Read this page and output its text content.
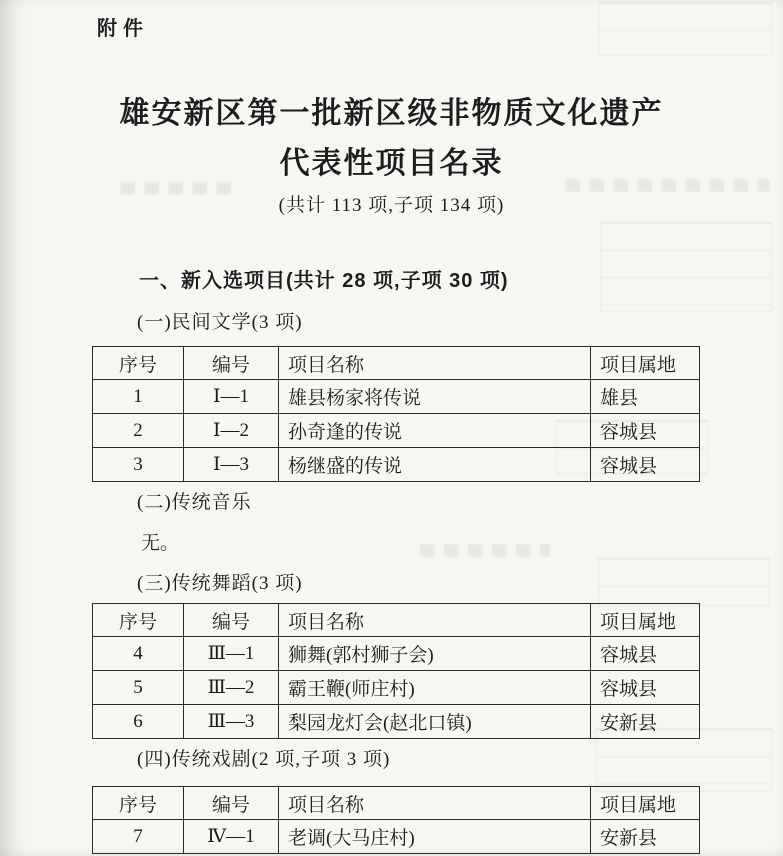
附件
雄安新区第一批新区级非物质文化遗产
代表性项目名录
(共计 113 项,子项 134 项)
一、新入选项目(共计 28 项,子项 30 项)
(一)民间文学(3 项)
序号	编号	项目名称	项目属地
1	Ⅰ—1	雄县杨家将传说	雄县
2	Ⅰ—2	孙奇逢的传说	容城县
3	Ⅰ—3	杨继盛的传说	容城县
(二)传统音乐
无。
(三)传统舞蹈(3 项)
序号	编号	项目名称	项目属地
4	Ⅲ—1	狮舞(郭村狮子会)	容城县
5	Ⅲ—2	霸王鞭(师庄村)	容城县
6	Ⅲ—3	梨园龙灯会(赵北口镇)	安新县
(四)传统戏剧(2 项,子项 3 项)
序号	编号	项目名称	项目属地
7	Ⅳ—1	老调(大马庄村)	安新县
